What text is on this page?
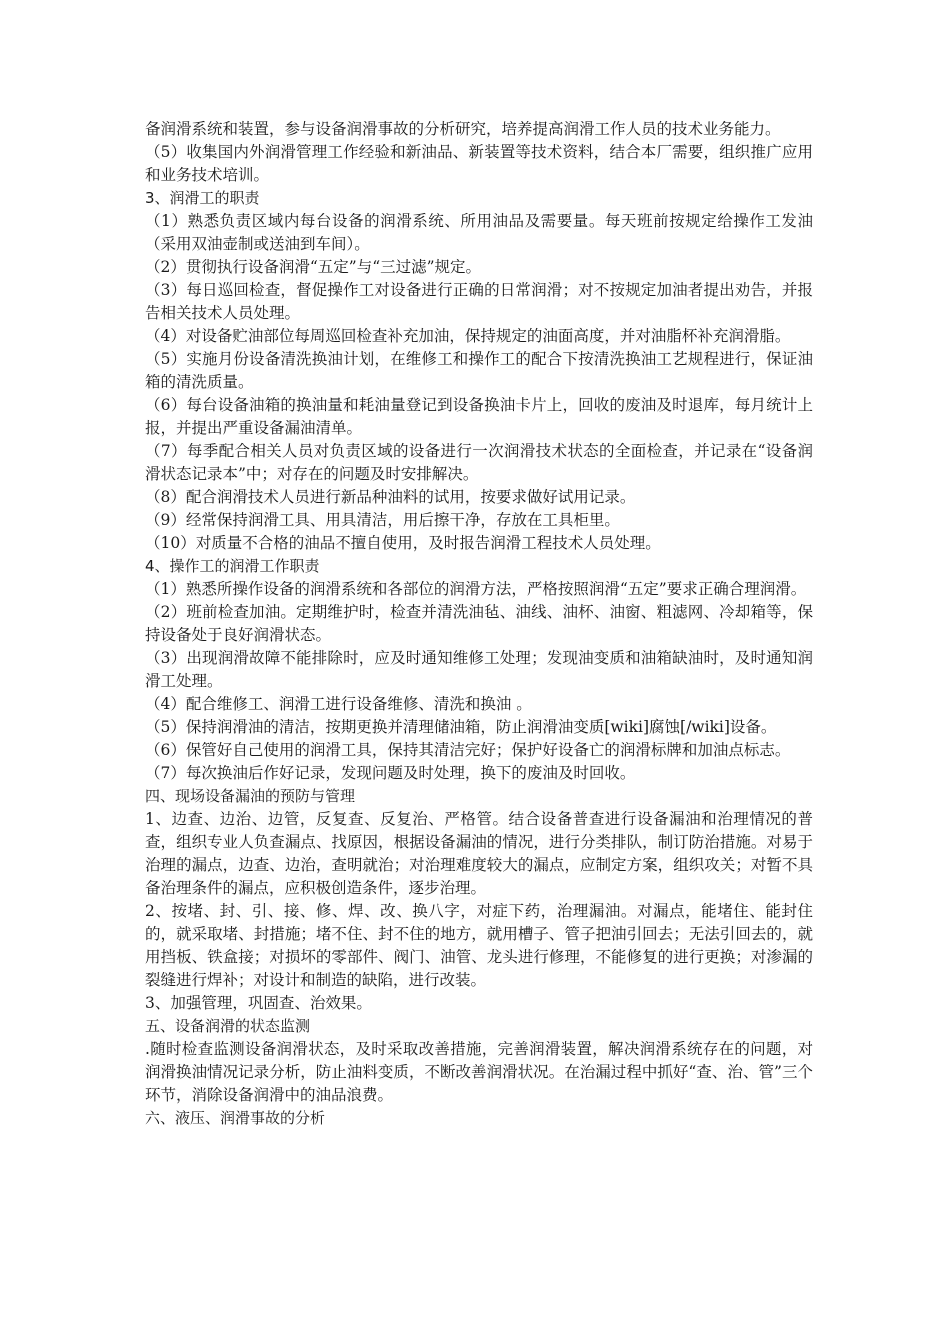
备润滑系统和装置，参与设备润滑事故的分析研究，培养提高润滑工作人员的技术业务能力。

（5）收集国内外润滑管理工作经验和新油品、新装置等技术资料，结合本厂需要，组织推广应用和业务技术培训。

3、润滑工的职责

（1）熟悉负责区域内每台设备的润滑系统、所用油品及需要量。每天班前按规定给操作工发油（采用双油壶制或送油到车间）。

（2）贯彻执行设备润滑“五定”与“三过滤”规定。

（3）每日巡回检查，督促操作工对设备进行正确的日常润滑；对不按规定加油者提出劝告，并报告相关技术人员处理。

（4）对设备贮油部位每周巡回检查补充加油，保持规定的油面高度，并对油脂杯补充润滑脂。

（5）实施月份设备清洗换油计划，在维修工和操作工的配合下按清洗换油工艺规程进行，保证油箱的清洗质量。

（6）每台设备油箱的换油量和耗油量登记到设备换油卡片上，回收的废油及时退库，每月统计上报，并提出严重设备漏油清单。

（7）每季配合相关人员对负责区域的设备进行一次润滑技术状态的全面检查，并记录在“设备润滑状态记录本”中；对存在的问题及时安排解决。

（8）配合润滑技术人员进行新品种油料的试用，按要求做好试用记录。

（9）经常保持润滑工具、用具清洁，用后擦干净，存放在工具柜里。

（10）对质量不合格的油品不擅自使用，及时报告润滑工程技术人员处理。

4、操作工的润滑工作职责

（1）熟悉所操作设备的润滑系统和各部位的润滑方法，严格按照润滑“五定”要求正确合理润滑。

（2）班前检查加油。定期维护时，检查并清洗油毡、油线、油杯、油窗、粗滤网、冷却箱等，保持设备处于良好润滑状态。

（3）出现润滑故障不能排除时，应及时通知维修工处理；发现油变质和油箱缺油时，及时通知润滑工处理。

（4）配合维修工、润滑工进行设备维修、清洗和换油 。

（5）保持润滑油的清洁，按期更换并清理储油箱，防止润滑油变质[wiki]腐蚀[/wiki]设备。

（6）保管好自己使用的润滑工具，保持其清洁完好；保护好设备亡的润滑标牌和加油点标志。

（7）每次换油后作好记录，发现问题及时处理，换下的废油及时回收。

四、现场设备漏油的预防与管理

1、边查、边治、边管，反复查、反复治、严格管。结合设备普查进行设备漏油和治理情况的普查，组织专业人负查漏点、找原因，根据设备漏油的情况，进行分类排队，制订防治措施。对易于治理的漏点，边查、边治，查明就治；对治理难度较大的漏点，应制定方案，组织攻关；对暂不具备治理条件的漏点，应积极创造条件，逐步治理。

2、按堵、封、引、接、修、焊、改、换八字，对症下药，治理漏油。对漏点，能堵住、能封住的，就采取堵、封措施；堵不住、封不住的地方，就用槽子、管子把油引回去；无法引回去的，就用挡板、铁盒接；对损坏的零部件、阀门、油管、龙头进行修理，不能修复的进行更换；对渗漏的裂缝进行焊补；对设计和制造的缺陷，进行改装。

3、加强管理，巩固查、治效果。

五、设备润滑的状态监测

.随时检查监测设备润滑状态，及时采取改善措施，完善润滑装置，解决润滑系统存在的问题，对润滑换油情况记录分析，防止油料变质，不断改善润滑状况。在治漏过程中抓好“查、治、管”三个环节，消除设备润滑中的油品浪费。

六、液压、润滑事故的分析
